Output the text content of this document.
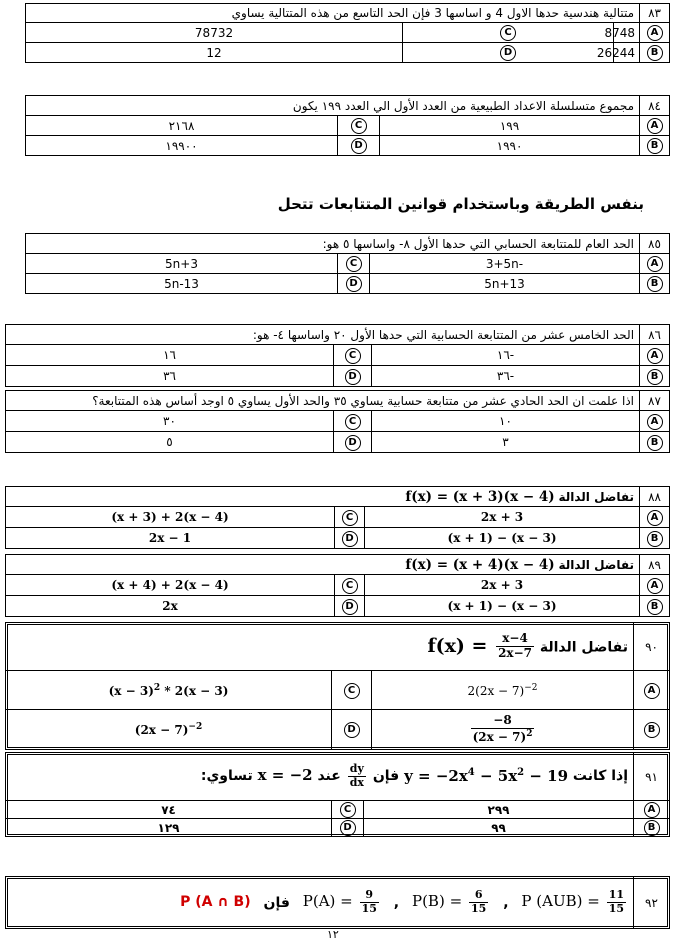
٨٣	متتالية هندسية حدها الاول 4 و اساسها 3 فإن الحد التاسع من هذه المتتالية يساوي		
A	8748	C	78732
B	26244	D	12
٨٤	مجموع متسلسلة الاعداد الطبيعية من العدد الأول الي العدد ١٩٩ يكون		
A	١٩٩	C	٢١٦٨
B	١٩٩٠	D	١٩٩٠٠
بنفس الطريقة وباستخدام قوانين المتتابعات تتحل
٨٥	الحد العام للمتتابعة الحسابي التي حدها الأول ٨- واساسها ٥ هو:		
A	-3+5n	C	5n+3
B	5n+13	D	5n-13
٨٦	الحد الخامس عشر من المتتابعة الحسابية التي حدها الأول ٢٠ واساسها ٤- هو:		
A	-١٦	C	١٦
B	-٣٦	D	٣٦
٨٧	اذا علمت ان الحد الحادي عشر من متتابعة حسابية يساوي ٣٥ والحد الأول يساوي ٥ اوجد أساس هذه المتتابعة؟		
A	١٠	C	٣٠
B	٣	D	٥
٨٨	تفاضل الدالة f(x) = (x + 3)(x − 4)		
A	2x + 3	C	(x + 3) + 2(x − 4)
B	(x + 1) − (x − 3)	D	2x − 1
٨٩	تفاضل الدالة f(x) = (x + 4)(x − 4)		
A	2x + 3	C	(x + 4) + 2(x − 4)
B	(x + 1) − (x − 3)	D	2x
٩٠	تفاضل الدالة $f(x) = \frac{x-4}{2x-7}$

A	$2(2x - 7)^{-2}$	C	$(x - 3)^2 * 2(x - 3)$
B	$\frac{-8}{(2x - 7)^2}$	D	$(2x - 7)^{-2}$
٩١	إذا كانت $y = -2x^4 - 5x^2 - 19$ فإن
$\frac{dy}{dx}$
عند x = −2 تساوي:		
A	٢٩٩	C	٧٤
B	٩٩	D	١٢٩
٩٢	P (A ∩ B) فإن $P(A) = \frac{9}{15}$ , $P(B) = \frac{6}{15}$ , P $(AUB) = \frac{11}{15}$
١٢
